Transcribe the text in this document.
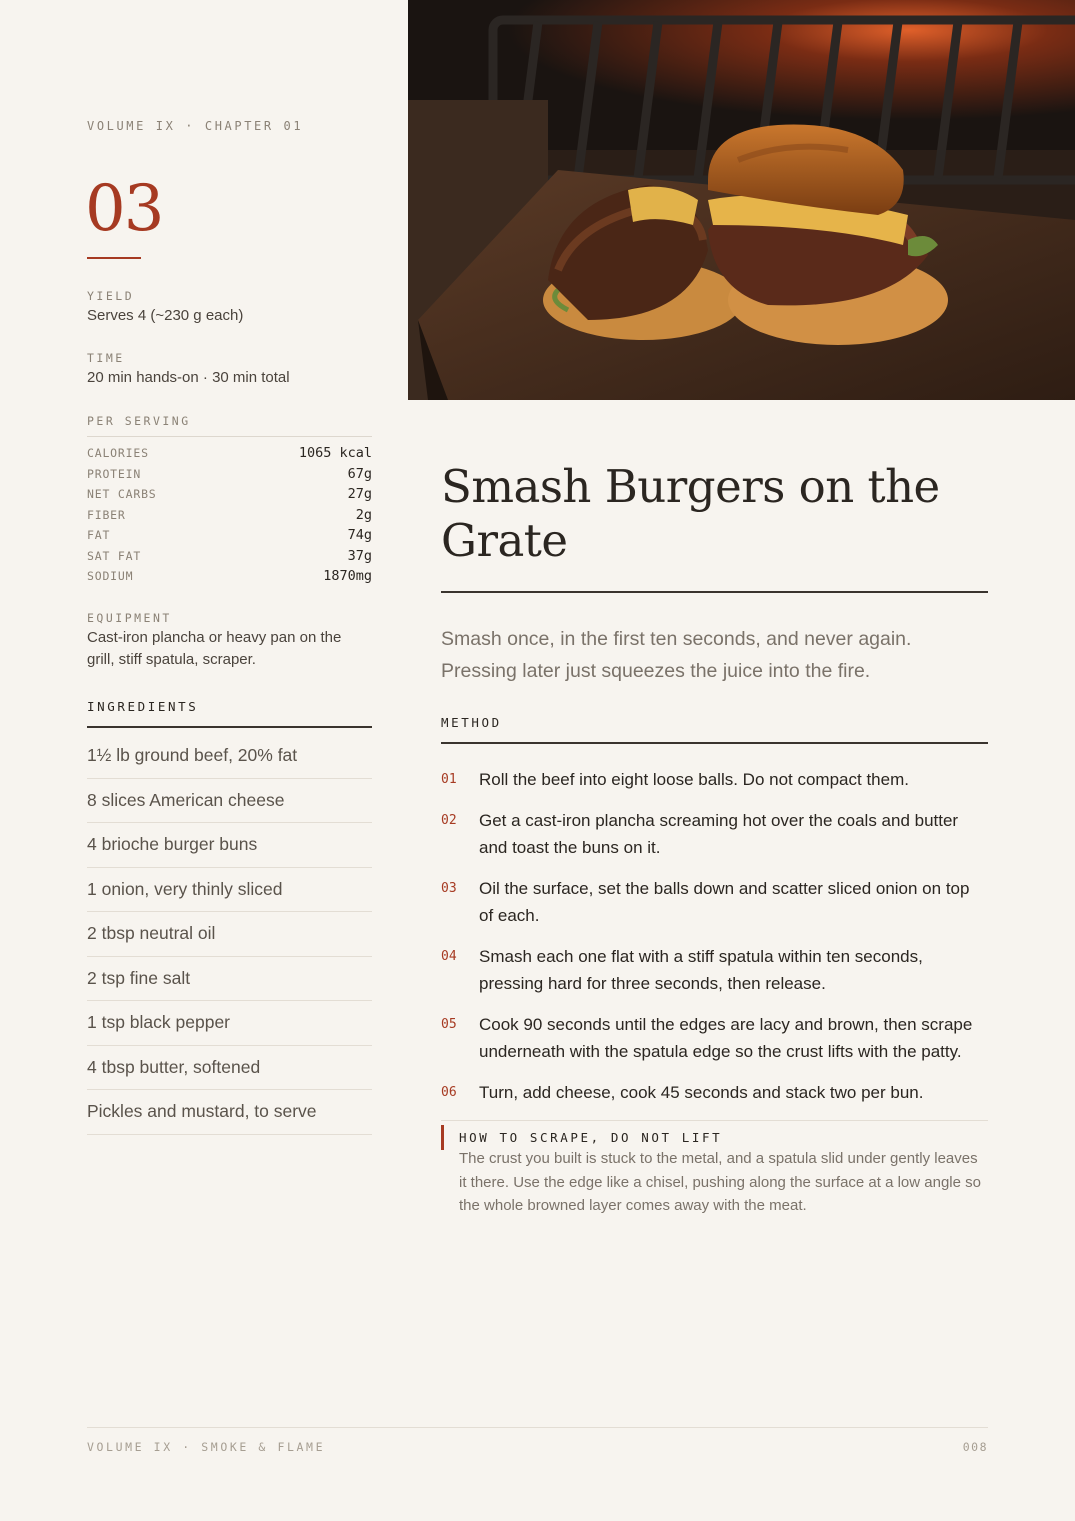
VOLUME IX · CHAPTER 01
03
YIELD
Serves 4 (~230 g each)
TIME
20 min hands-on · 30 min total
PER SERVING
CALORIES	1065 kcal
PROTEIN	67g
NET CARBS	27g
FIBER	2g
FAT	74g
SAT FAT	37g
SODIUM	1870mg
EQUIPMENT
Cast-iron plancha or heavy pan on the grill, stiff spatula, scraper.
INGREDIENTS
1½ lb ground beef, 20% fat
8 slices American cheese
4 brioche burger buns
1 onion, very thinly sliced
2 tbsp neutral oil
2 tsp fine salt
1 tsp black pepper
4 tbsp butter, softened
Pickles and mustard, to serve
Smash Burgers on the Grate
Smash once, in the first ten seconds, and never again. Pressing later just squeezes the juice into the fire.
METHOD
01	Roll the beef into eight loose balls. Do not compact them.
02	Get a cast-iron plancha screaming hot over the coals and butter and toast the buns on it.
03	Oil the surface, set the balls down and scatter sliced onion on top of each.
04	Smash each one flat with a stiff spatula within ten seconds, pressing hard for three seconds, then release.
05	Cook 90 seconds until the edges are lacy and brown, then scrape underneath with the spatula edge so the crust lifts with the patty.
06	Turn, add cheese, cook 45 seconds and stack two per bun.
HOW TO SCRAPE, DO NOT LIFT
The crust you built is stuck to the metal, and a spatula slid under gently leaves it there. Use the edge like a chisel, pushing along the surface at a low angle so the whole browned layer comes away with the meat.
VOLUME IX · SMOKE & FLAME	008
